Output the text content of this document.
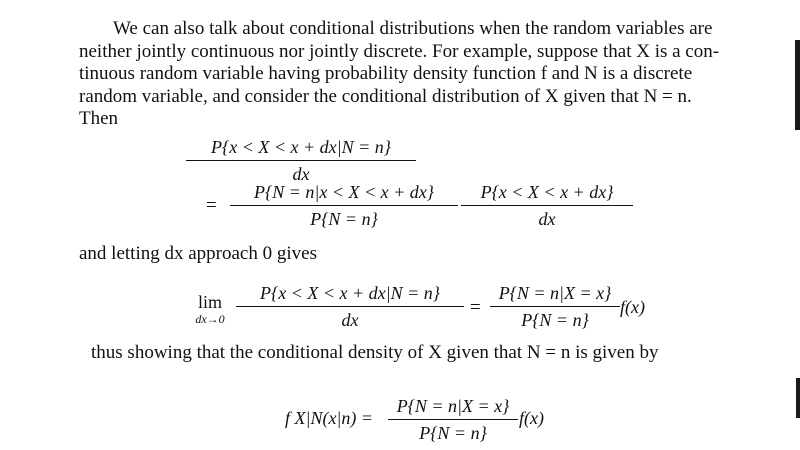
We can also talk about conditional distributions when the random variables are
neither jointly continuous nor jointly discrete. For example, suppose that X is a con-
tinuous random variable having probability density function f and N is a discrete
random variable, and consider the conditional distribution of X given that N = n.
Then
P{x < X < x + dx|N = n}
dx
=
P{N = n|x < X < x + dx}
P{N = n}
P{x < X < x + dx}
dx
and letting dx approach 0 gives
lim
dx→0
P{x < X < x + dx|N = n}
dx
=
P{N = n|X = x}
P{N = n}
f(x)
thus showing that the conditional density of X given that N = n is given by
f X|N(x|n) =
P{N = n|X = x}
P{N = n}
f(x)
